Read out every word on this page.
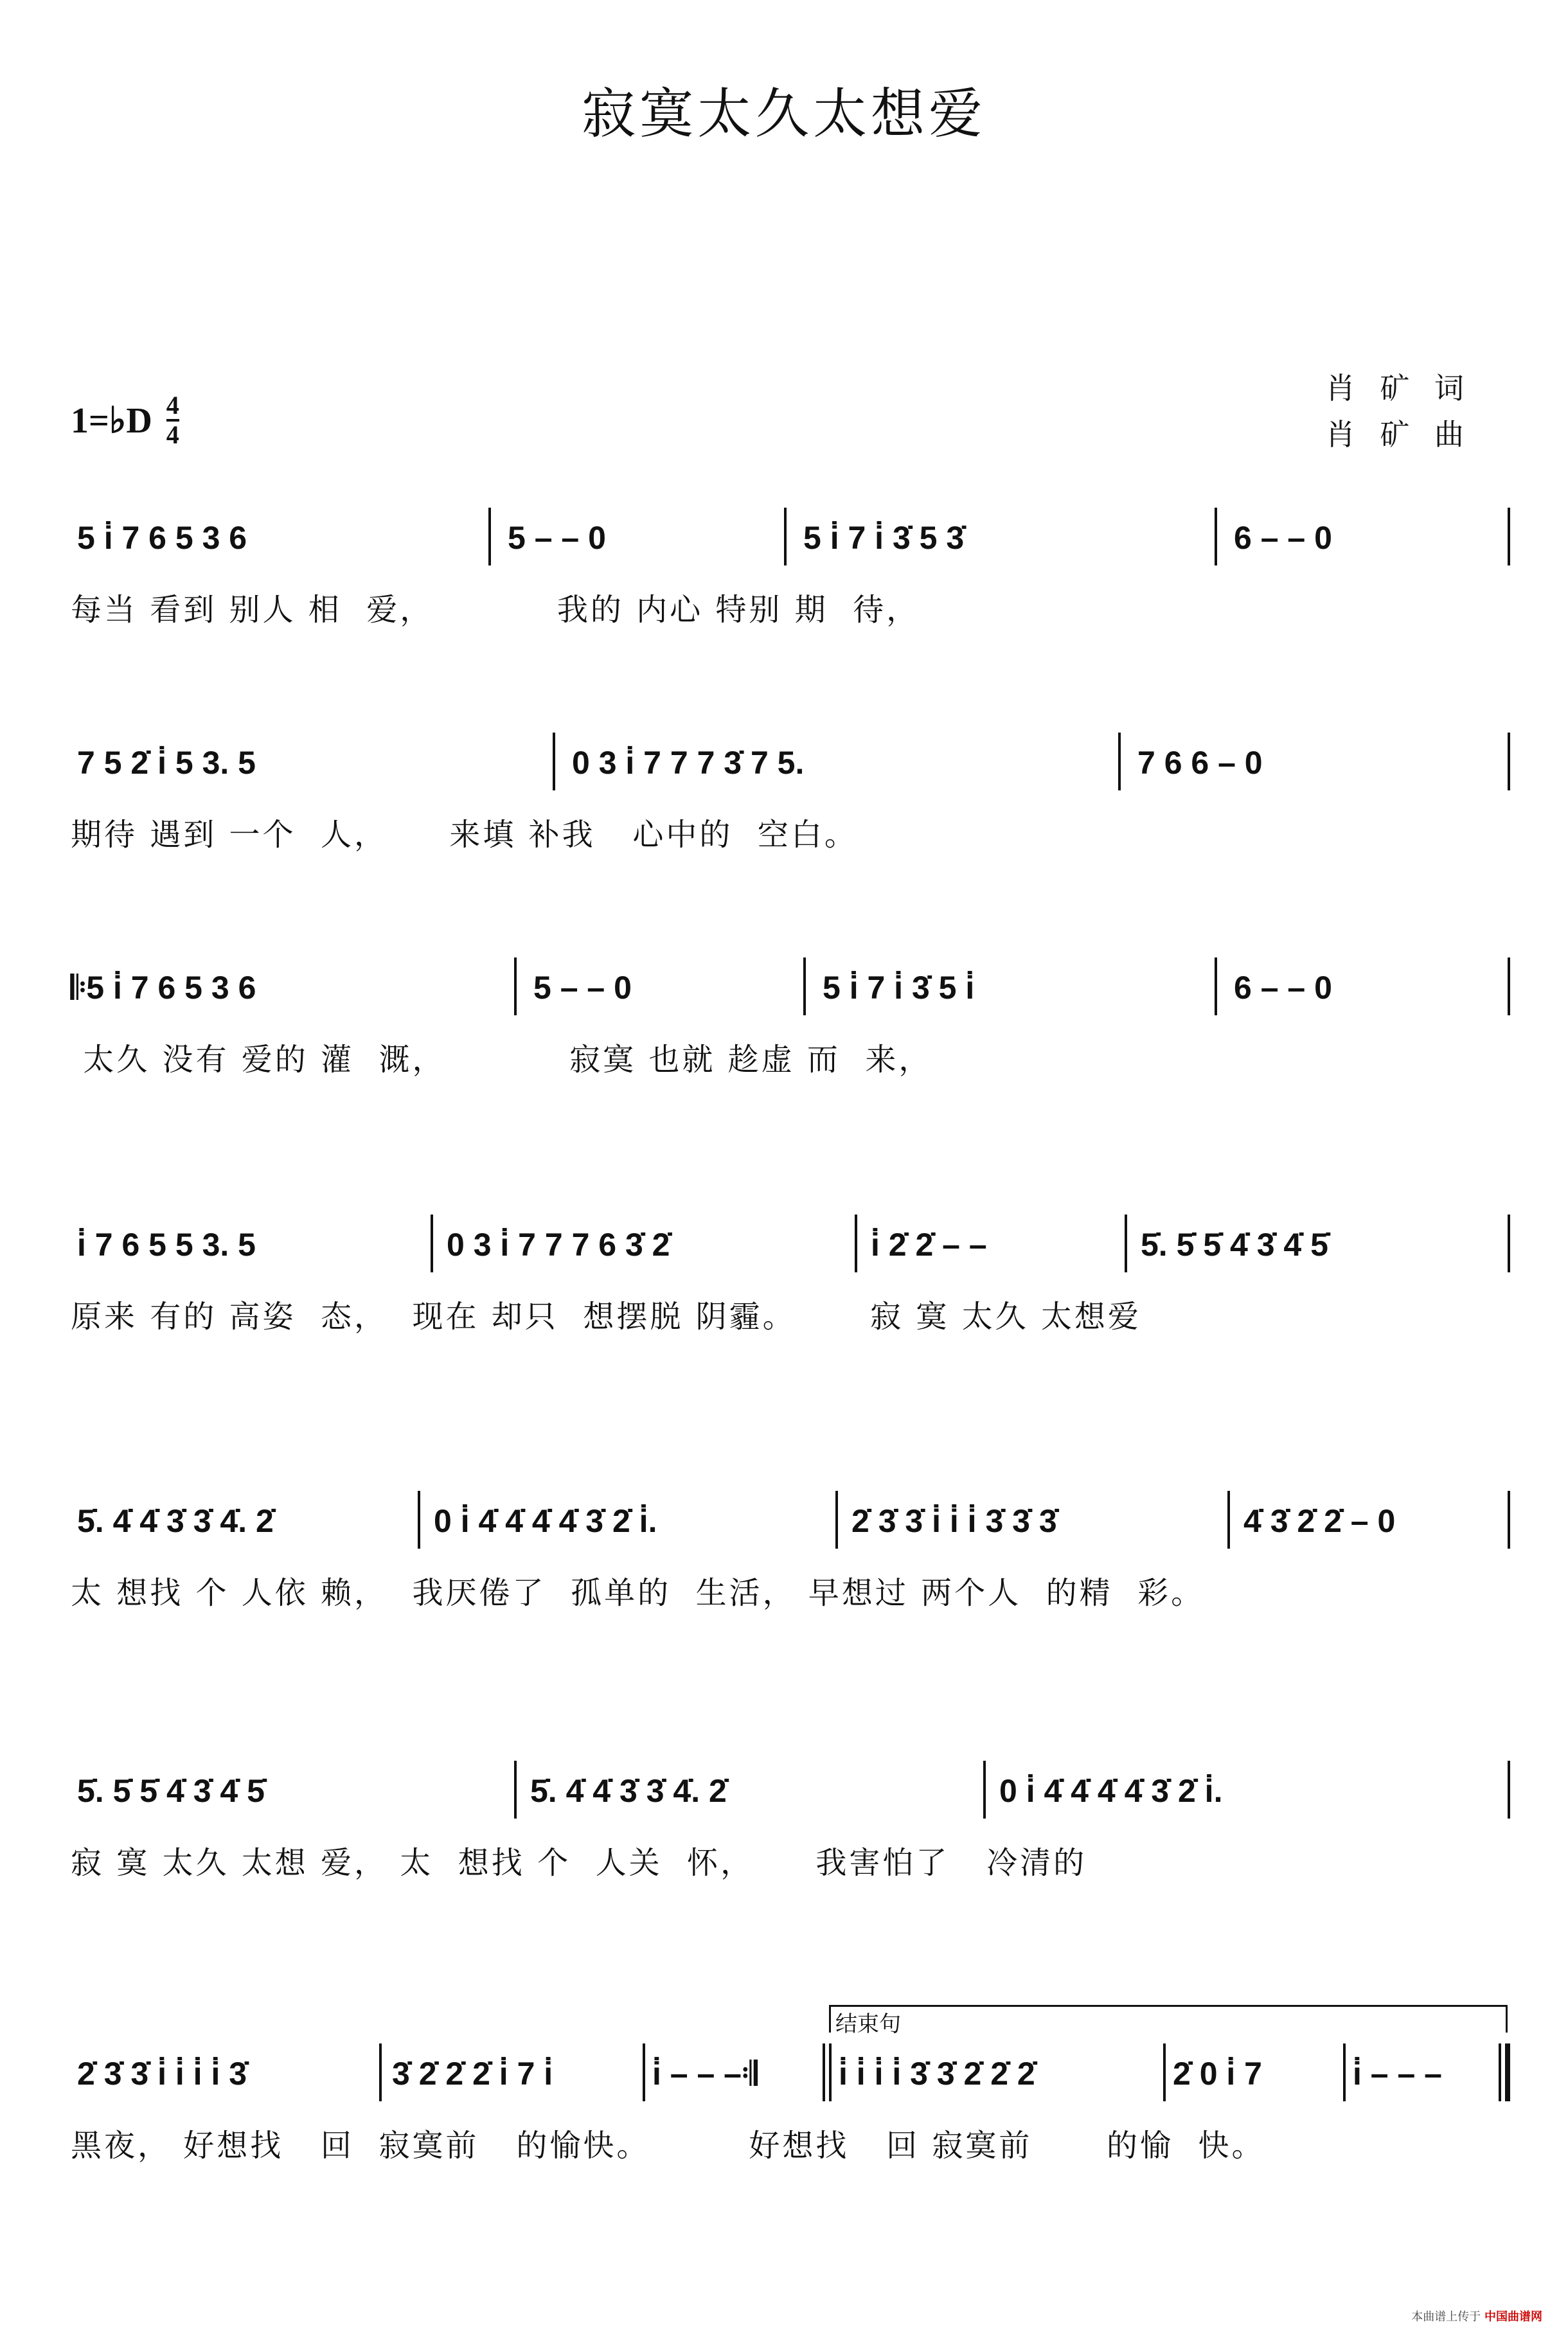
寂寞太久太想爱
1=♭D 4
4
肖 矿 词
肖 矿 曲
5 i̇ 7 6 5 3 6	5 – – 0	5 i̇ 7 i̇ 3̇ 5 3̇	6 – – 0
每当 看到 别人 相  爱，          我的 内心 特别 期  待，
7 5 2̇ i̇ 5 3. 5	0 3 i̇ 7 7 7 3̇ 7 5.	7 6 6 – 0
期待 遇到 一个  人，     来填 补我   心中的  空白。
𝄆5 i̇ 7 6 5 3 6	5 – – 0	5 i̇ 7 i̇ 3̇ 5 i̇	6 – – 0
太久 没有 爱的 灌  溉，          寂寞 也就 趁虚 而  来，
i̇ 7 6 5 5 3. 5	0 3 i̇ 7 7 7 6 3̇ 2̇	i̇ 2̇ 2̇ – –	5̇. 5̇ 5̇ 4̇ 3̇ 4̇ 5̇
原来 有的 高姿  态，  现在 却只  想摆脱 阴霾。      寂 寞 太久 太想爱
5̇. 4̇ 4̇ 3̇ 3̇ 4̇. 2̇	0 i̇ 4̇ 4̇ 4̇ 4̇ 3̇ 2̇ i̇.	2̇ 3̇ 3̇ i̇ i̇ i̇ 3̇ 3̇ 3̇	4̇ 3̇ 2̇ 2̇ – 0
太 想找 个 人依 赖，  我厌倦了  孤单的  生活， 早想过 两个人  的精  彩。
5̇. 5̇ 5̇ 4̇ 3̇ 4̇ 5̇	5̇. 4̇ 4̇ 3̇ 3̇ 4̇. 2̇	0 i̇ 4̇ 4̇ 4̇ 4̇ 3̇ 2̇ i̇.
寂 寞 太久 太想 爱， 太  想找 个  人关  怀，     我害怕了   冷清的
结束句
2̇ 3̇ 3̇ i̇ i̇ i̇ i̇ 3̇	3̇ 2̇ 2̇ 2̇ i̇ 7 i̇	i̇ – – –𝄇	i̇ i̇ i̇ i̇ 3̇ 3̇ 2̇ 2̇ 2̇	2̇ 0 i̇ 7	i̇ – – –
黑夜， 好想找   回  寂寞前   的愉快。        好想找   回 寂寞前      的愉  快。
本曲谱上传于 中国曲谱网
